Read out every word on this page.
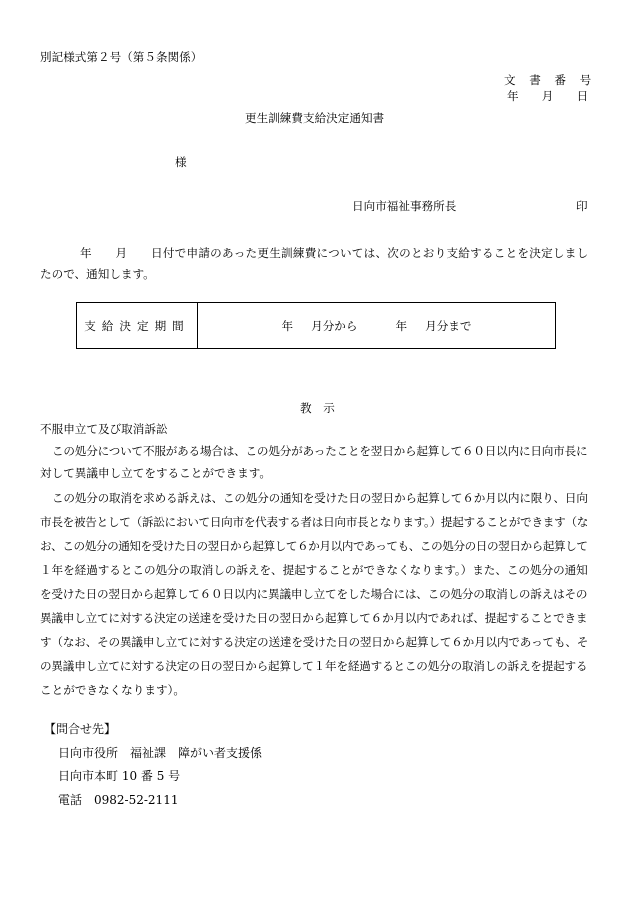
別記様式第２号（第５条関係）
文　書　番　号
年　　月　　日
更生訓練費支給決定通知書
様
日向市福祉事務所長	印
年　　月　　日付で申請のあった更生訓練費については、次のとおり支給することを決定しまし
たので、通知します。
支給決定期間	年 月分から	年 月分まで
教　示
不服申立て及び取消訴訟
この処分について不服がある場合は、この処分があったことを翌日から起算して６０日以内に日向市長に
対して異議申し立てをすることができます。
この処分の取消を求める訴えは、この処分の通知を受けた日の翌日から起算して６か月以内に限り、日向
市長を被告として（訴訟において日向市を代表する者は日向市長となります。）提起することができます（な
お、この処分の通知を受けた日の翌日から起算して６か月以内であっても、この処分の日の翌日から起算して
１年を経過するとこの処分の取消しの訴えを、提起することができなくなります。）また、この処分の通知
を受けた日の翌日から起算して６０日以内に異議申し立てをした場合には、この処分の取消しの訴えはその
異議申し立てに対する決定の送達を受けた日の翌日から起算して６か月以内であれば、提起することできま
す（なお、その異議申し立てに対する決定の送達を受けた日の翌日から起算して６か月以内であっても、そ
の異議申し立てに対する決定の日の翌日から起算して１年を経過するとこの処分の取消しの訴えを提起する
ことができなくなります）。
【問合せ先】
日向市役所　福祉課　障がい者支援係
日向市本町 10 番 5 号
電話　0982-52-2111
